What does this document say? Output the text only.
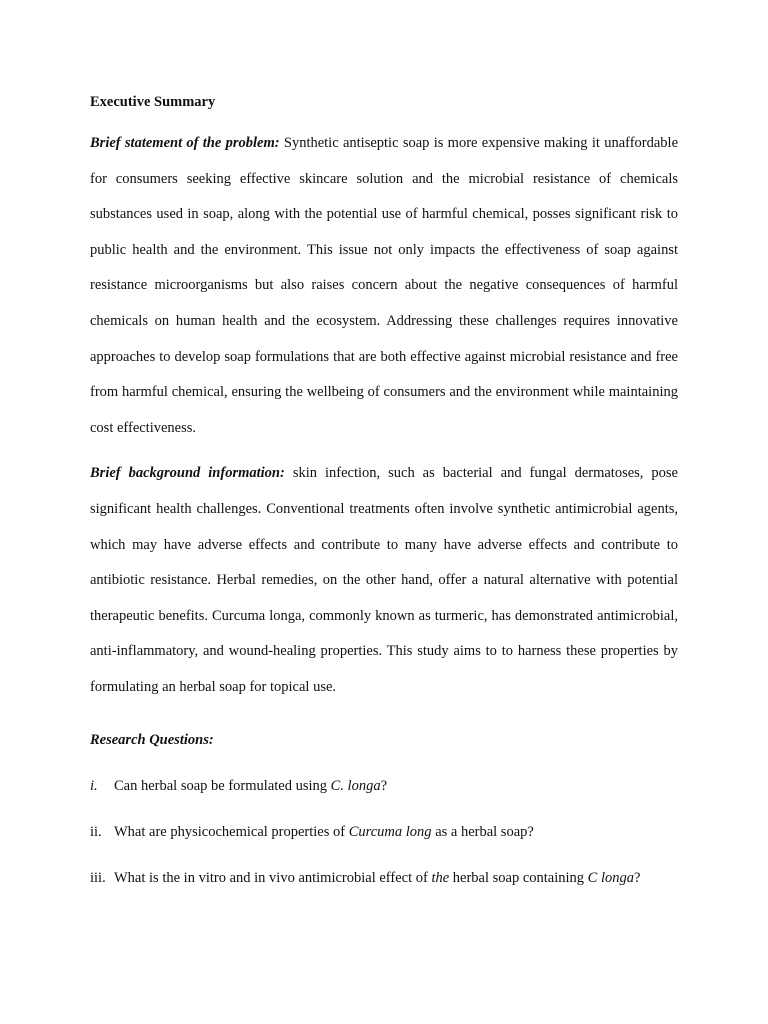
Executive Summary

Brief statement of the problem: Synthetic antiseptic soap is more expensive making it unaffordable for consumers seeking effective skincare solution and the microbial resistance of chemicals substances used in soap, along with the potential use of harmful chemical, posses significant risk to public health and the environment. This issue not only impacts the effectiveness of soap against resistance microorganisms but also raises concern about the negative consequences of harmful chemicals on human health and the ecosystem. Addressing these challenges requires innovative approaches to develop soap formulations that are both effective against microbial resistance and free from harmful chemical, ensuring the wellbeing of consumers and the environment while maintaining cost effectiveness.

Brief background information: skin infection, such as bacterial and fungal dermatoses, pose significant health challenges. Conventional treatments often involve synthetic antimicrobial agents, which may have adverse effects and contribute to many have adverse effects and contribute to antibiotic resistance. Herbal remedies, on the other hand, offer a natural alternative with potential therapeutic benefits. Curcuma longa, commonly known as turmeric, has demonstrated antimicrobial, anti-inflammatory, and wound-healing properties. This study aims to to harness these properties by formulating an herbal soap for topical use.

Research Questions:
i.	Can herbal soap be formulated using C. longa?
ii. What are physicochemical properties of Curcuma long as a herbal soap?
iii. What is the in vitro and in vivo antimicrobial effect of the herbal soap containing C longa?
